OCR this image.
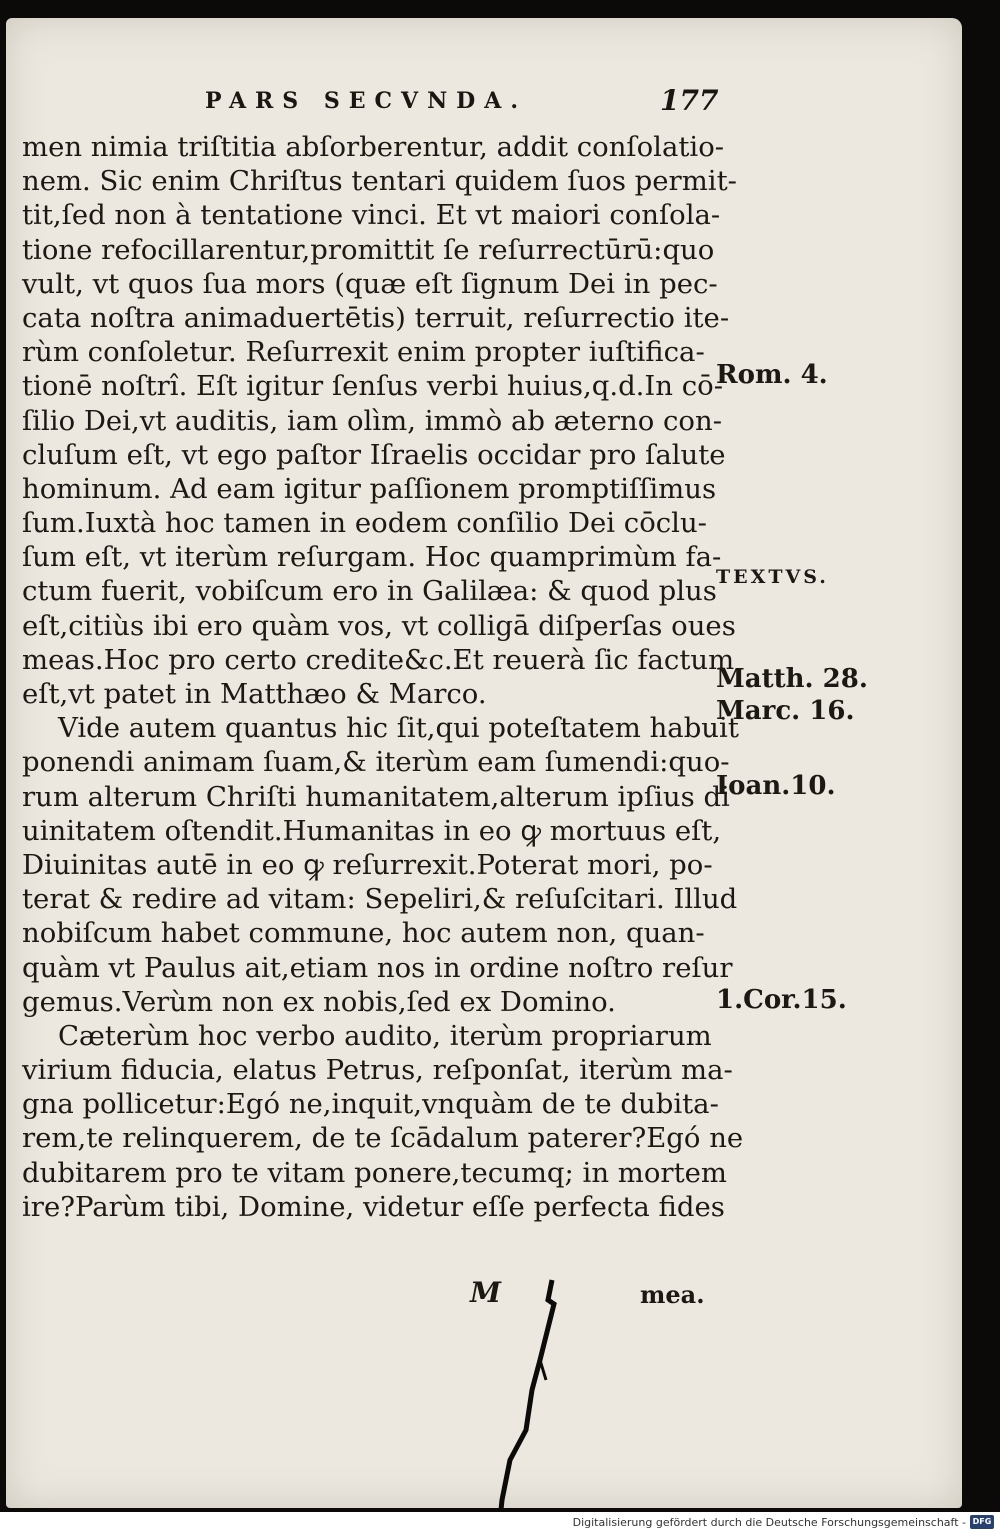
PARS SECVNDA.	177
men nimia triſtitia abſorberentur, addit conſolatio-
nem. Sic enim Chriſtus tentari quidem ſuos permit-
tit,ſed non à tentatione vinci. Et vt maiori conſola-
tione refocillarentur,promittit ſe reſurrectūrū:quo
vult, vt quos ſua mors (quæ eſt ſignum Dei in pec-
cata noſtra animaduertētis) terruit, reſurrectio ite-
rùm conſoletur. Reſurrexit enim propter iuſtifica-
tionē noſtrî. Eſt igitur ſenſus verbi huius,q.d.In cō-
ſilio Dei,vt auditis, iam olìm, immò ab æterno con-
cluſum eſt, vt ego paſtor Iſraelis occidar pro ſalute
hominum. Ad eam igitur paſſionem promptiſſimus
ſum.Iuxtà hoc tamen in eodem conſilio Dei cōclu-
ſum eſt, vt iterùm reſurgam. Hoc quamprimùm fa-
ctum fuerit, vobiſcum ero in Galilæa: & quod plus
eſt,citiùs ibi ero quàm vos, vt colligā diſperſas oues
meas.Hoc pro certo credite&c.Et reuerà ſic factum
eſt,vt patet in Matthæo & Marco.
Vide autem quantus hic ſit,qui poteſtatem habuit
ponendi animam ſuam,& iterùm eam ſumendi:quo-
rum alterum Chriſti humanitatem,alterum ipſius di
uinitatem oſtendit.Humanitas in eo ꝙ mortuus eſt,
Diuinitas autē in eo ꝙ reſurrexit.Poterat mori, po-
terat & redire ad vitam: Sepeliri,& reſuſcitari. Illud
nobiſcum habet commune, hoc autem non, quan-
quàm vt Paulus ait,etiam nos in ordine noſtro reſur
gemus.Verùm non ex nobis,ſed ex Domino.
Cæterùm hoc verbo audito, iterùm propriarum
virium fiducia, elatus Petrus, reſponſat, iterùm ma-
gna pollicetur:Egó ne,inquit,vnquàm de te dubita-
rem,te relinquerem, de te ſcādalum paterer?Egó ne
dubitarem pro te vitam ponere,tecumq; in mortem
ire?Parùm tibi, Domine, videtur eſſe perfecta fides
Rom. 4.
TEXTVS.
Matth. 28.
Marc. 16.
Ioan.10.
1.Cor.15.
M	mea.
Digitalisierung gefördert durch die Deutsche Forschungsgemeinschaft - DFG
